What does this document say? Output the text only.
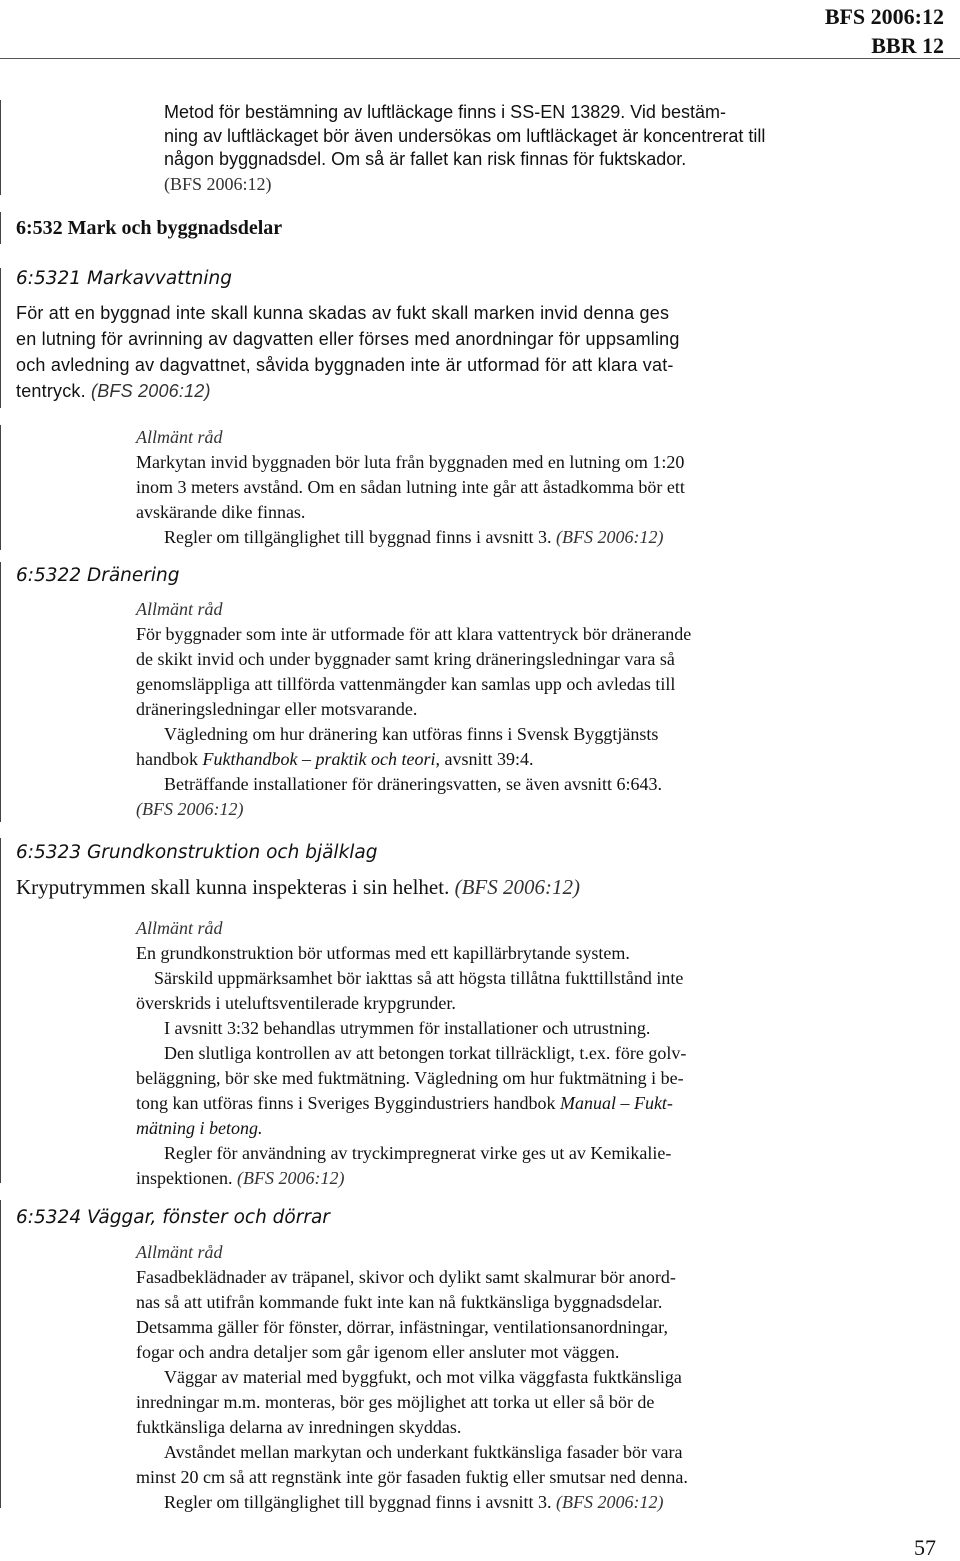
BFS 2006:12
BBR 12
Metod för bestämning av luftläckage finns i SS-EN 13829. Vid bestäm-
ning av luftläckaget bör även undersökas om luftläckaget är koncentrerat till
någon byggnadsdel. Om så är fallet kan risk finnas för fuktskador.
(BFS 2006:12)
6:532 Mark och byggnadsdelar
6:5321 Markavvattning
För att en byggnad inte skall kunna skadas av fukt skall marken invid denna ges
en lutning för avrinning av dagvatten eller förses med anordningar för uppsamling
och avledning av dagvattnet, såvida byggnaden inte är utformad för att klara vat-
tentryck. (BFS 2006:12)
Allmänt råd
Markytan invid byggnaden bör luta från byggnaden med en lutning om 1:20
inom 3 meters avstånd. Om en sådan lutning inte går att åstadkomma bör ett
avskärande dike finnas.
Regler om tillgänglighet till byggnad finns i avsnitt 3. (BFS 2006:12)
6:5322 Dränering
Allmänt råd
För byggnader som inte är utformade för att klara vattentryck bör dränerande
de skikt invid och under byggnader samt kring dräneringsledningar vara så
genomsläppliga att tillförda vattenmängder kan samlas upp och avledas till
dräneringsledningar eller motsvarande.
Vägledning om hur dränering kan utföras finns i Svensk Byggtjänsts
handbok Fukthandbok – praktik och teori, avsnitt 39:4.
Beträffande installationer för dräneringsvatten, se även avsnitt 6:643.
(BFS 2006:12)
6:5323 Grundkonstruktion och bjälklag
Kryputrymmen skall kunna inspekteras i sin helhet. (BFS 2006:12)
Allmänt råd
En grundkonstruktion bör utformas med ett kapillärbrytande system.
Särskild uppmärksamhet bör iakttas så att högsta tillåtna fukttillstånd inte
överskrids i uteluftsventilerade krypgrunder.
I avsnitt 3:32 behandlas utrymmen för installationer och utrustning.
Den slutliga kontrollen av att betongen torkat tillräckligt, t.ex. före golv-
beläggning, bör ske med fuktmätning. Vägledning om hur fuktmätning i be-
tong kan utföras finns i Sveriges Byggindustriers handbok Manual – Fukt-
mätning i betong.
Regler för användning av tryckimpregnerat virke ges ut av Kemikalie-
inspektionen. (BFS 2006:12)
6:5324 Väggar, fönster och dörrar
Allmänt råd
Fasadbeklädnader av träpanel, skivor och dylikt samt skalmurar bör anord-
nas så att utifrån kommande fukt inte kan nå fuktkänsliga byggnadsdelar.
Detsamma gäller för fönster, dörrar, infästningar, ventilationsanordningar,
fogar och andra detaljer som går igenom eller ansluter mot väggen.
Väggar av material med byggfukt, och mot vilka väggfasta fuktkänsliga
inredningar m.m. monteras, bör ges möjlighet att torka ut eller så bör de
fuktkänsliga delarna av inredningen skyddas.
Avståndet mellan markytan och underkant fuktkänsliga fasader bör vara
minst 20 cm så att regnstänk inte gör fasaden fuktig eller smutsar ned denna.
Regler om tillgänglighet till byggnad finns i avsnitt 3. (BFS 2006:12)
57
